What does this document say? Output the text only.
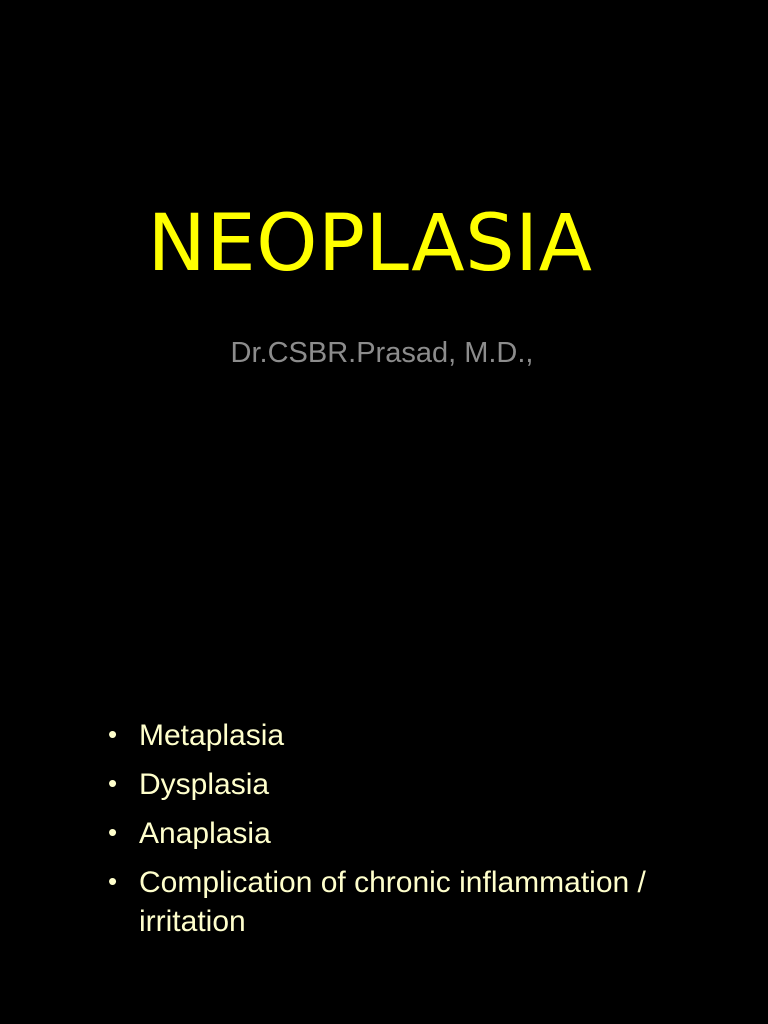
NEOPLASIA
Dr.CSBR.Prasad, M.D.,
• Metaplasia
• Dysplasia
• Anaplasia
• Complication of chronic inflammation / irritation
